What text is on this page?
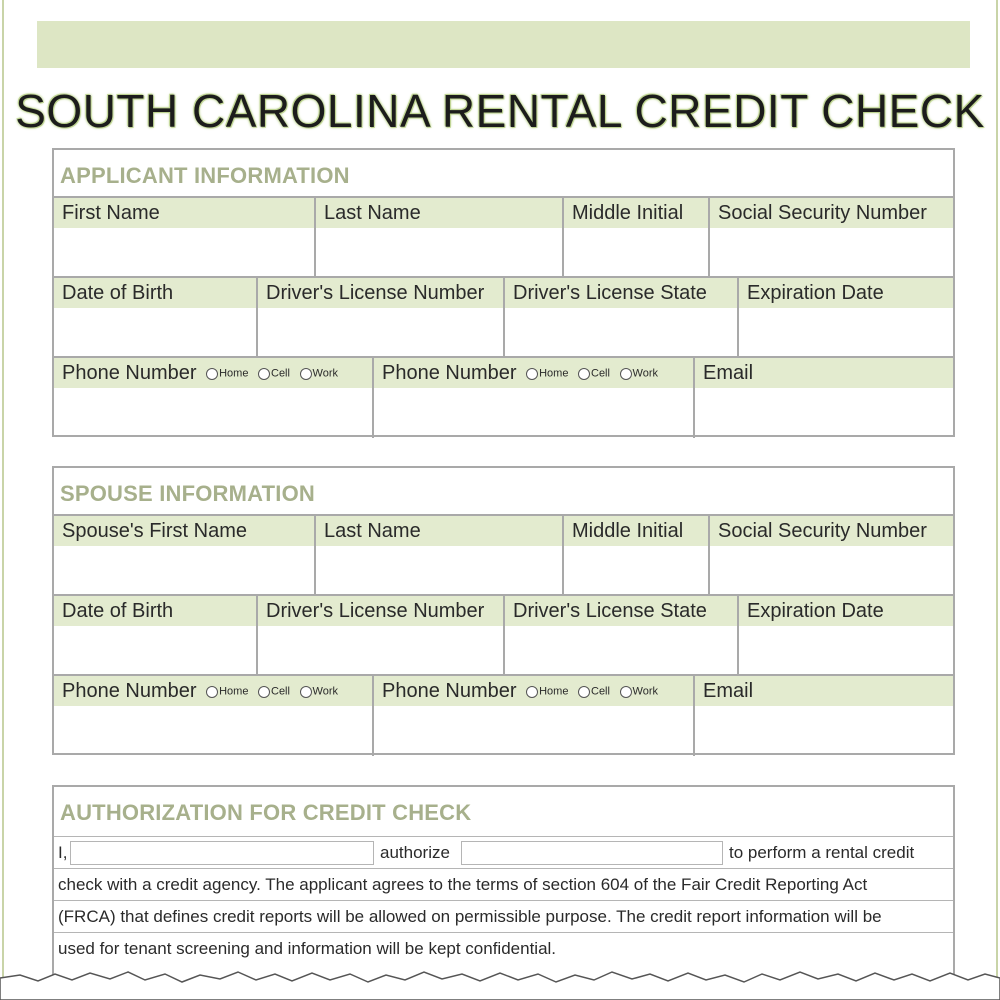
SOUTH CAROLINA RENTAL CREDIT CHECK
APPLICANT INFORMATION
First Name	Last Name	Middle Initial	Social Security Number
Date of Birth	Driver's License Number	Driver's License State	Expiration Date
Phone Number Home Cell Work	Phone Number Home Cell Work	Email
SPOUSE INFORMATION
Spouse's First Name	Last Name	Middle Initial	Social Security Number
Date of Birth	Driver's License Number	Driver's License State	Expiration Date
Phone Number Home Cell Work	Phone Number Home Cell Work	Email
AUTHORIZATION FOR CREDIT CHECK
I,	authorize	to perform a rental credit
check with a credit agency. The applicant agrees to the terms of section 604 of the Fair Credit Reporting Act
(FRCA) that defines credit reports will be allowed on permissible purpose. The credit report information will be
used for tenant screening and information will be kept confidential.
